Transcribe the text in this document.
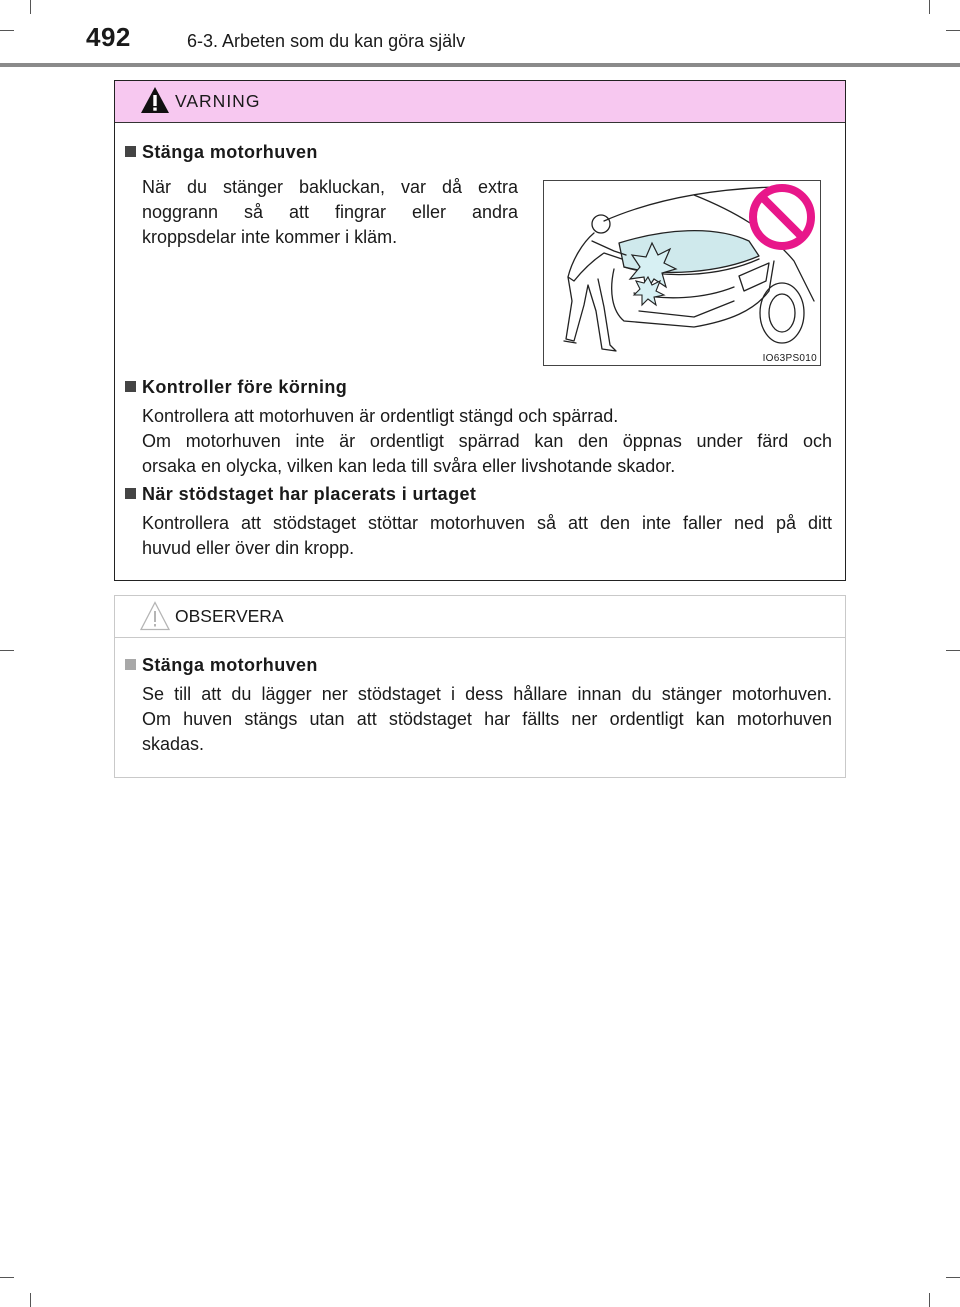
492	6-3. Arbeten som du kan göra själv
VARNING
Stänga motorhuven
När du stänger bakluckan, var då extra
noggrann så att fingrar eller andra
kroppsdelar inte kommer i kläm.
Kontroller före körning
Kontrollera att motorhuven är ordentligt stängd och spärrad.
Om motorhuven inte är ordentligt spärrad kan den öppnas under färd och
orsaka en olycka, vilken kan leda till svåra eller livshotande skador.
När stödstaget har placerats i urtaget
Kontrollera att stödstaget stöttar motorhuven så att den inte faller ned på ditt
huvud eller över din kropp.
IO63PS010
OBSERVERA
Stänga motorhuven
Se till att du lägger ner stödstaget i dess hållare innan du stänger motorhuven.
Om huven stängs utan att stödstaget har fällts ner ordentligt kan motorhuven
skadas.
